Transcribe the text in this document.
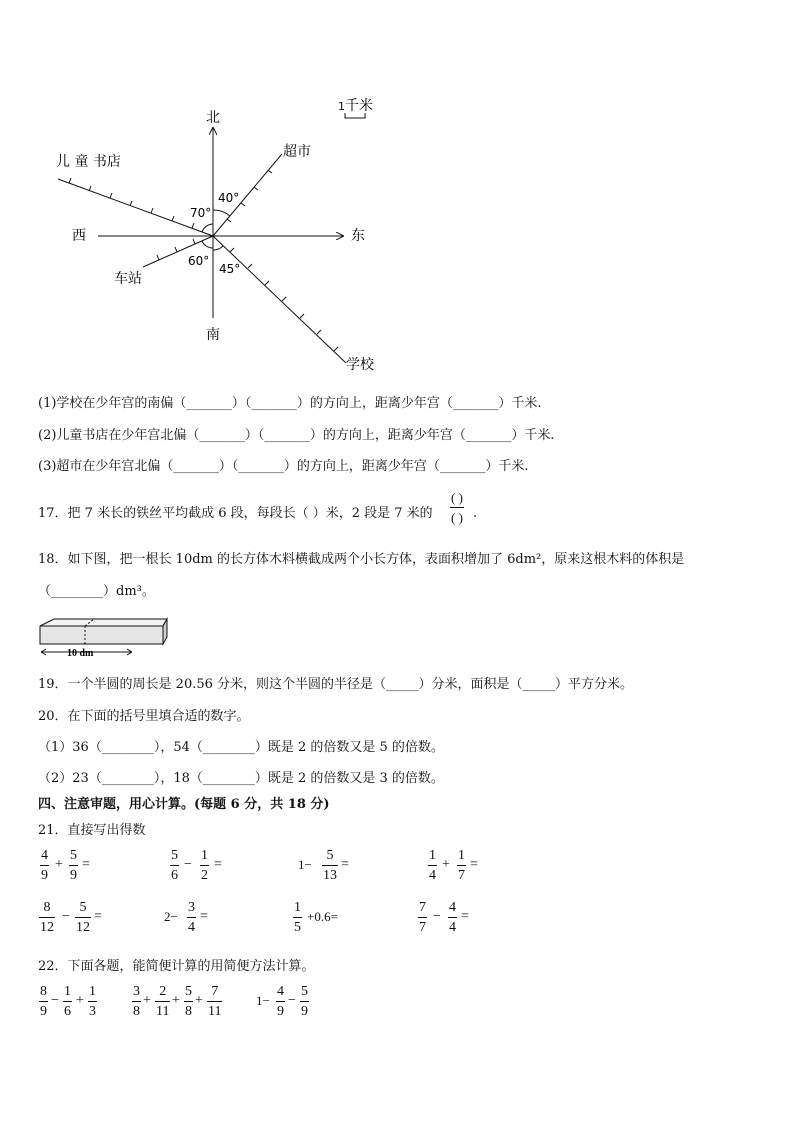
北
南
东
西
儿 童 书店
超市
车站
学校
70°
40°
60°
45°
1 千米
(1)学校在少年宫的南偏（_______）（_______）的方向上，距离少年宫（_______）千米.
(2)儿童书店在少年宫北偏（_______）（_______）的方向上，距离少年宫（_______）千米.
(3)超市在少年宫北偏（_______）（_______）的方向上，距离少年宫（_______）千米.
17．把 7 米长的铁丝平均截成 6 段，每段长（ ）米，2 段是 7 米的
( )
( ) .
18．如下图，把一根长 10dm 的长方体木料横截成两个小长方体，表面积增加了 6dm²，原来这根木料的体积是
（________）dm³。
10 dm
19．一个半圆的周长是 20.56 分米，则这个半圆的半径是（_____）分米，面积是（_____）平方分米。
20．在下面的括号里填合适的数字。
（1）36（________），54（________）既是 2 的倍数又是 5 的倍数。
（2）23（________），18（________）既是 2 的倍数又是 3 的倍数。
四、注意审题，用心计算。(每题 6 分，共 18 分)
21．直接写出得数
4
9
+
5
9
=
5
6
−
1
2
=	1−
5
13
=
1
4
+
1
7
=
8
12
−
5
12
=	2−
3
4
=
1
5
+0.6=
7
7
−
4
4
=
22．下面各题，能简便计算的用简便方法计算。
8
9
−
1
6
+
1
3
3
8
+
2
11
+
5
8
+
7
11
1−
4
9
−
5
9
